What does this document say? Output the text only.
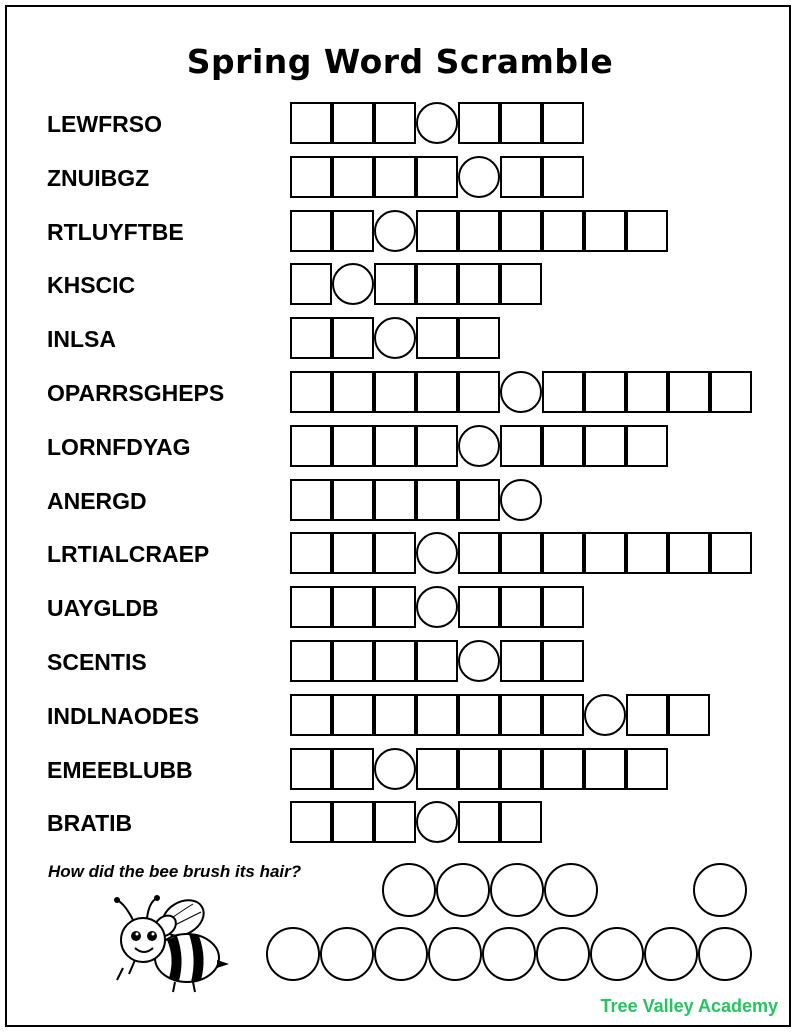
Spring Word Scramble
LEWFRSO
ZNUIBGZ
RTLUYFTBE
KHSCIC
INLSA
OPARRSGHEPS
LORNFDYAG
ANERGD
LRTIALCRAEP
UAYGLDB
SCENTIS
INDLNAODES
EMEEBLUBB
BRATIB
How did the bee brush its hair?
Tree Valley Academy
